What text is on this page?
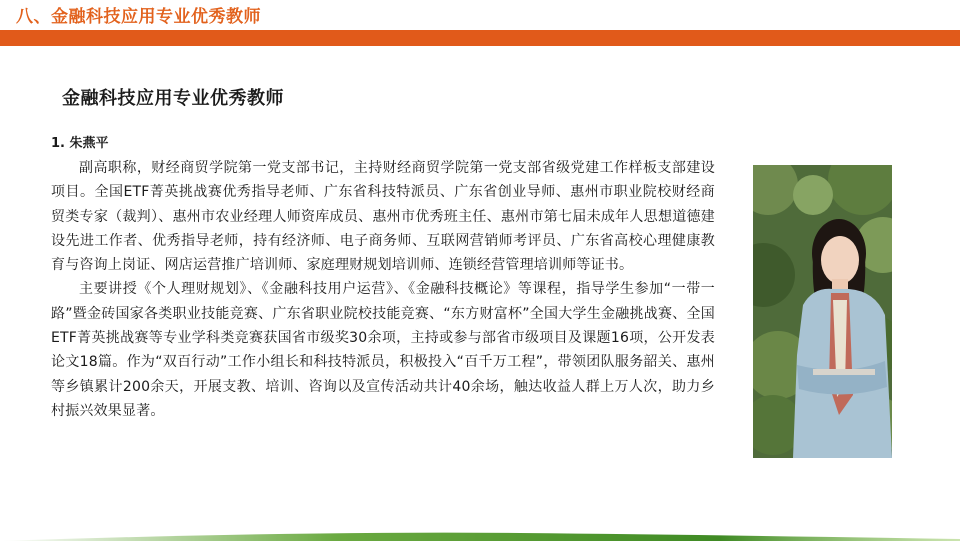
八、金融科技应用专业优秀教师
金融科技应用专业优秀教师
1. 朱燕平

副高职称，财经商贸学院第一党支部书记，主持财经商贸学院第一党支部省级党建工作样板支部建设项目。全国ETF菁英挑战赛优秀指导老师、广东省科技特派员、广东省创业导师、惠州市职业院校财经商贸类专家（裁判）、惠州市农业经理人师资库成员、惠州市优秀班主任、惠州市第七届未成年人思想道德建设先进工作者、优秀指导老师，持有经济师、电子商务师、互联网营销师考评员、广东省高校心理健康教育与咨询上岗证、网店运营推广培训师、家庭理财规划培训师、连锁经营管理培训师等证书。

主要讲授《个人理财规划》、《金融科技用户运营》、《金融科技概论》等课程，指导学生参加“一带一路”暨金砖国家各类职业技能竞赛、广东省职业院校技能竞赛、“东方财富杯”全国大学生金融挑战赛、全国ETF菁英挑战赛等专业学科类竞赛获国省市级奖30余项，主持或参与部省市级项目及课题16项，公开发表论文18篇。作为“双百行动”工作小组长和科技特派员，积极投入“百千万工程”，带领团队服务韶关、惠州等乡镇累计200余天，开展支教、培训、咨询以及宣传活动共计40余场，触达收益人群上万人次，助力乡村振兴效果显著。
